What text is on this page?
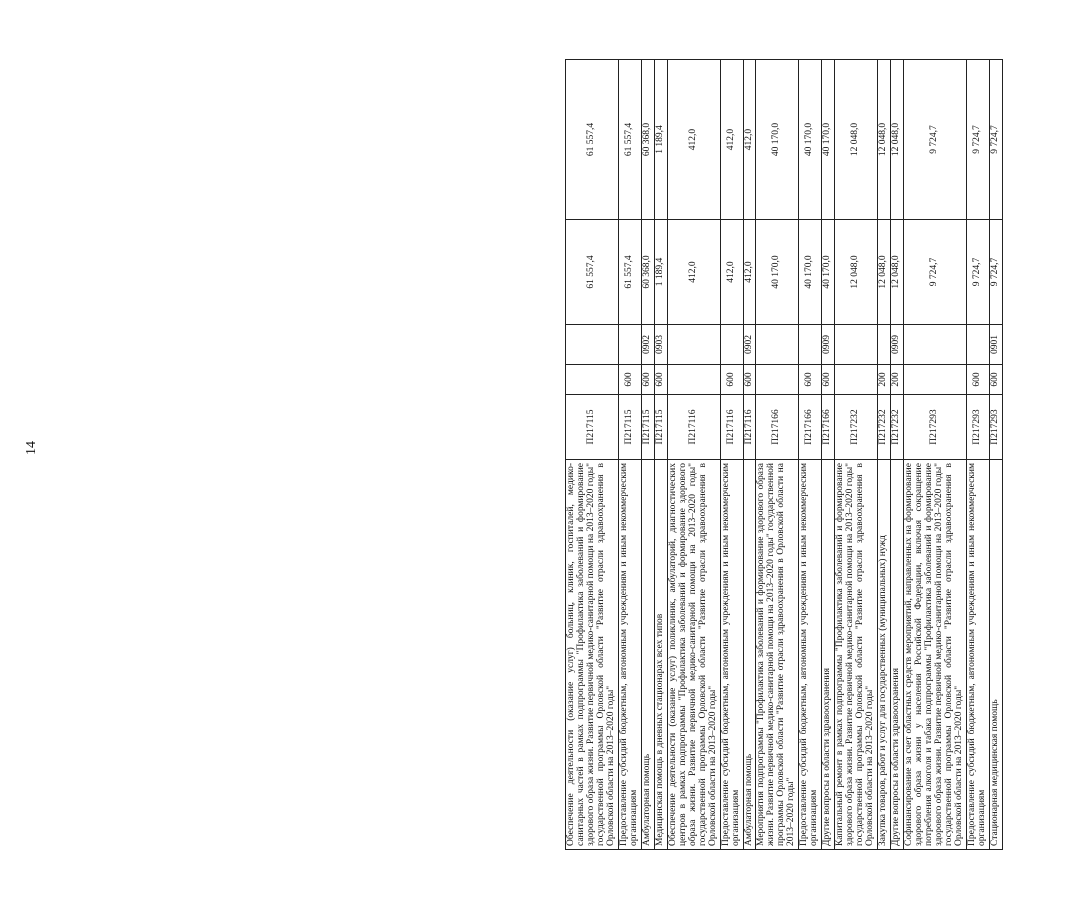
14
Обеспечение деятельности (оказание услуг) больниц, клиник, госпиталей, медико-санитарных частей в рамках подпрограммы "Профилактика заболеваний и формирование здорового образа жизни. Развитие первичной медико-санитарной помощи на 2013–2020 годы" государственной программы Орловской области "Развитие отрасли здравоохранения в Орловской области на 2013–2020 годы"	П217115			61 557,4	61 557,4
Предоставление субсидий бюджетным, автономным учреждениям и иным некоммерческим организациям	П217115	600		61 557,4	61 557,4
Амбулаторная помощь	П217115	600	0902	60 368,0	60 368,0
Медицинская помощь в дневных стационарах всех типов	П217115	600	0903	1 189,4	1 189,4
Обеспечение деятельности (оказание услуг) поликлиник, амбулаторий, диагностических центров в рамках подпрограммы "Профилактика заболеваний и формирование здорового образа жизни. Развитие первичной медико-санитарной помощи на 2013–2020 годы" государственной программы Орловской области "Развитие отрасли здравоохранения в Орловской области на 2013–2020 годы"	П217116			412,0	412,0
Предоставление субсидий бюджетным, автономным учреждениям и иным некоммерческим организациям	П217116	600		412,0	412,0
Амбулаторная помощь	П217116	600	0902	412,0	412,0
Мероприятия подпрограммы "Профилактика заболеваний и формирование здорового образа жизни. Развитие первичной медико-санитарной помощи на 2013–2020 годы" государственной программы Орловской области "Развитие отрасли здравоохранения в Орловской области на 2013–2020 годы"	П217166			40 170,0	40 170,0
Предоставление субсидий бюджетным, автономным учреждениям и иным некоммерческим организациям	П217166	600		40 170,0	40 170,0
Другие вопросы в области здравоохранения	П217166	600	0909	40 170,0	40 170,0
Капитальный ремонт в рамках подпрограммы "Профилактика заболеваний и формирование здорового образа жизни. Развитие первичной медико-санитарной помощи на 2013–2020 годы" государственной программы Орловской области "Развитие отрасли здравоохранения в Орловской области на 2013–2020 годы"	П217232			12 048,0	12 048,0
Закупка товаров, работ и услуг для государственных (муниципальных) нужд	П217232	200		12 048,0	12 048,0
Другие вопросы в области здравоохранения	П217232	200	0909	12 048,0	12 048,0
Софинансирование за счет областных средств мероприятий, направленных на формирование здорового образа жизни у населения Российской Федерации, включая сокращение потребления алкоголя и табака подпрограммы "Профилактика заболеваний и формирование здорового образа жизни. Развитие первичной медико-санитарной помощи на 2013–2020 годы" государственной программы Орловской области "Развитие отрасли здравоохранения в Орловской области на 2013–2020 годы"	П217293			9 724,7	9 724,7
Предоставление субсидий бюджетным, автономным учреждениям и иным некоммерческим организациям	П217293	600		9 724,7	9 724,7
Стационарная медицинская помощь	П217293	600	0901	9 724,7	9 724,7
